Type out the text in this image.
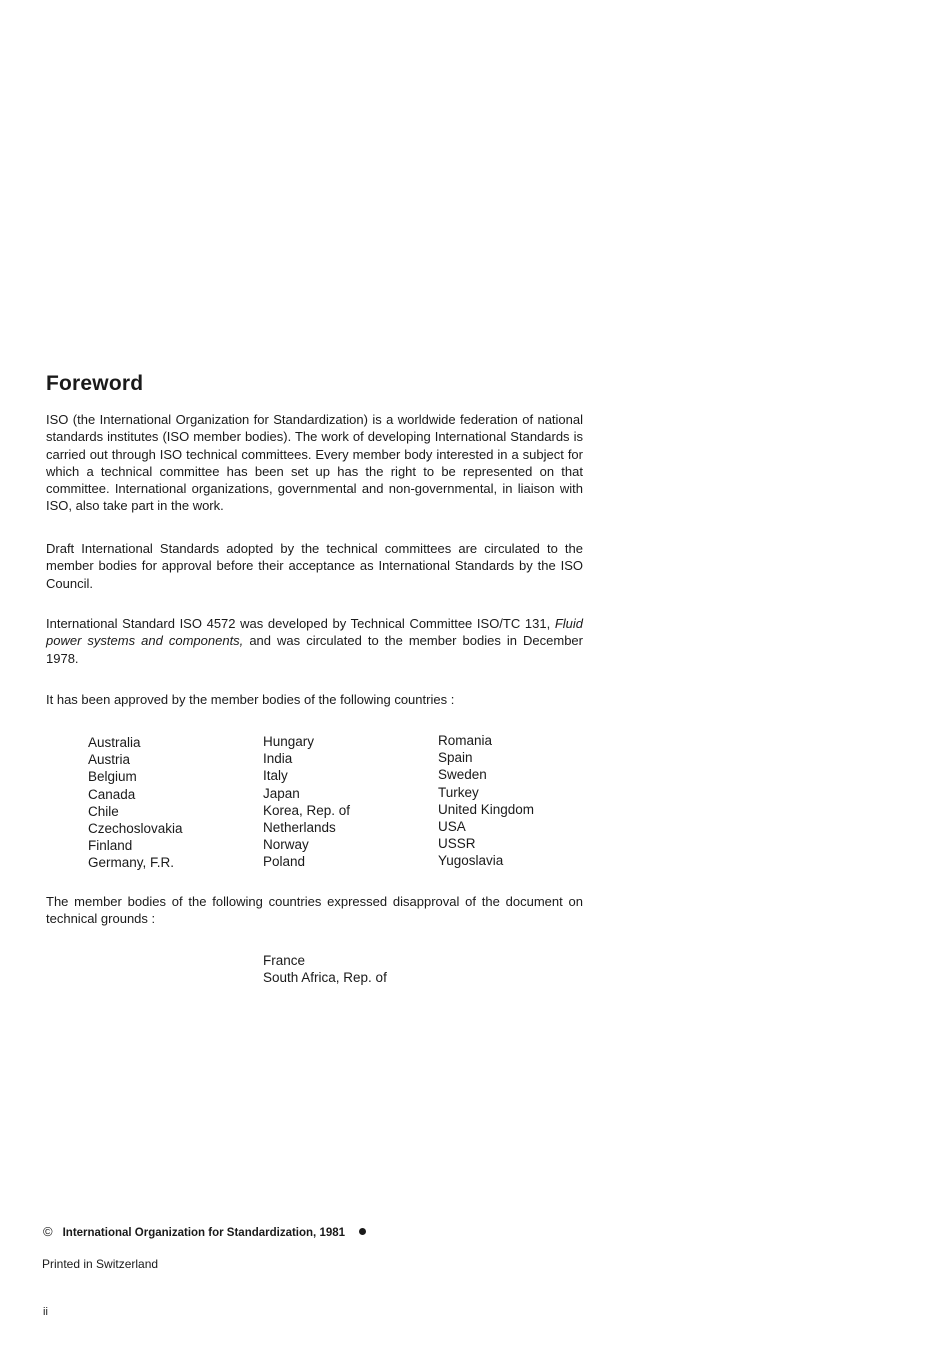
Foreword

ISO (the International Organization for Standardization) is a worldwide federation of national standards institutes (ISO member bodies). The work of developing International Standards is carried out through ISO technical committees. Every member body interested in a subject for which a technical committee has been set up has the right to be represented on that committee. International organizations, governmental and non-governmental, in liaison with ISO, also take part in the work.

Draft International Standards adopted by the technical committees are circulated to the member bodies for approval before their acceptance as International Standards by the ISO Council.

International Standard ISO 4572 was developed by Technical Committee ISO/TC 131, Fluid power systems and components, and was circulated to the member bodies in December 1978.

It has been approved by the member bodies of the following countries :

Australia
Austria
Belgium
Canada
Chile
Czechoslovakia
Finland
Germany, F.R.
Hungary
India
Italy
Japan
Korea, Rep. of
Netherlands
Norway
Poland
Romania
Spain
Sweden
Turkey
United Kingdom
USA
USSR
Yugoslavia

The member bodies of the following countries expressed disapproval of the document on technical grounds :

France
South Africa, Rep. of

© International Organization for Standardization, 1981

Printed in Switzerland

ii
